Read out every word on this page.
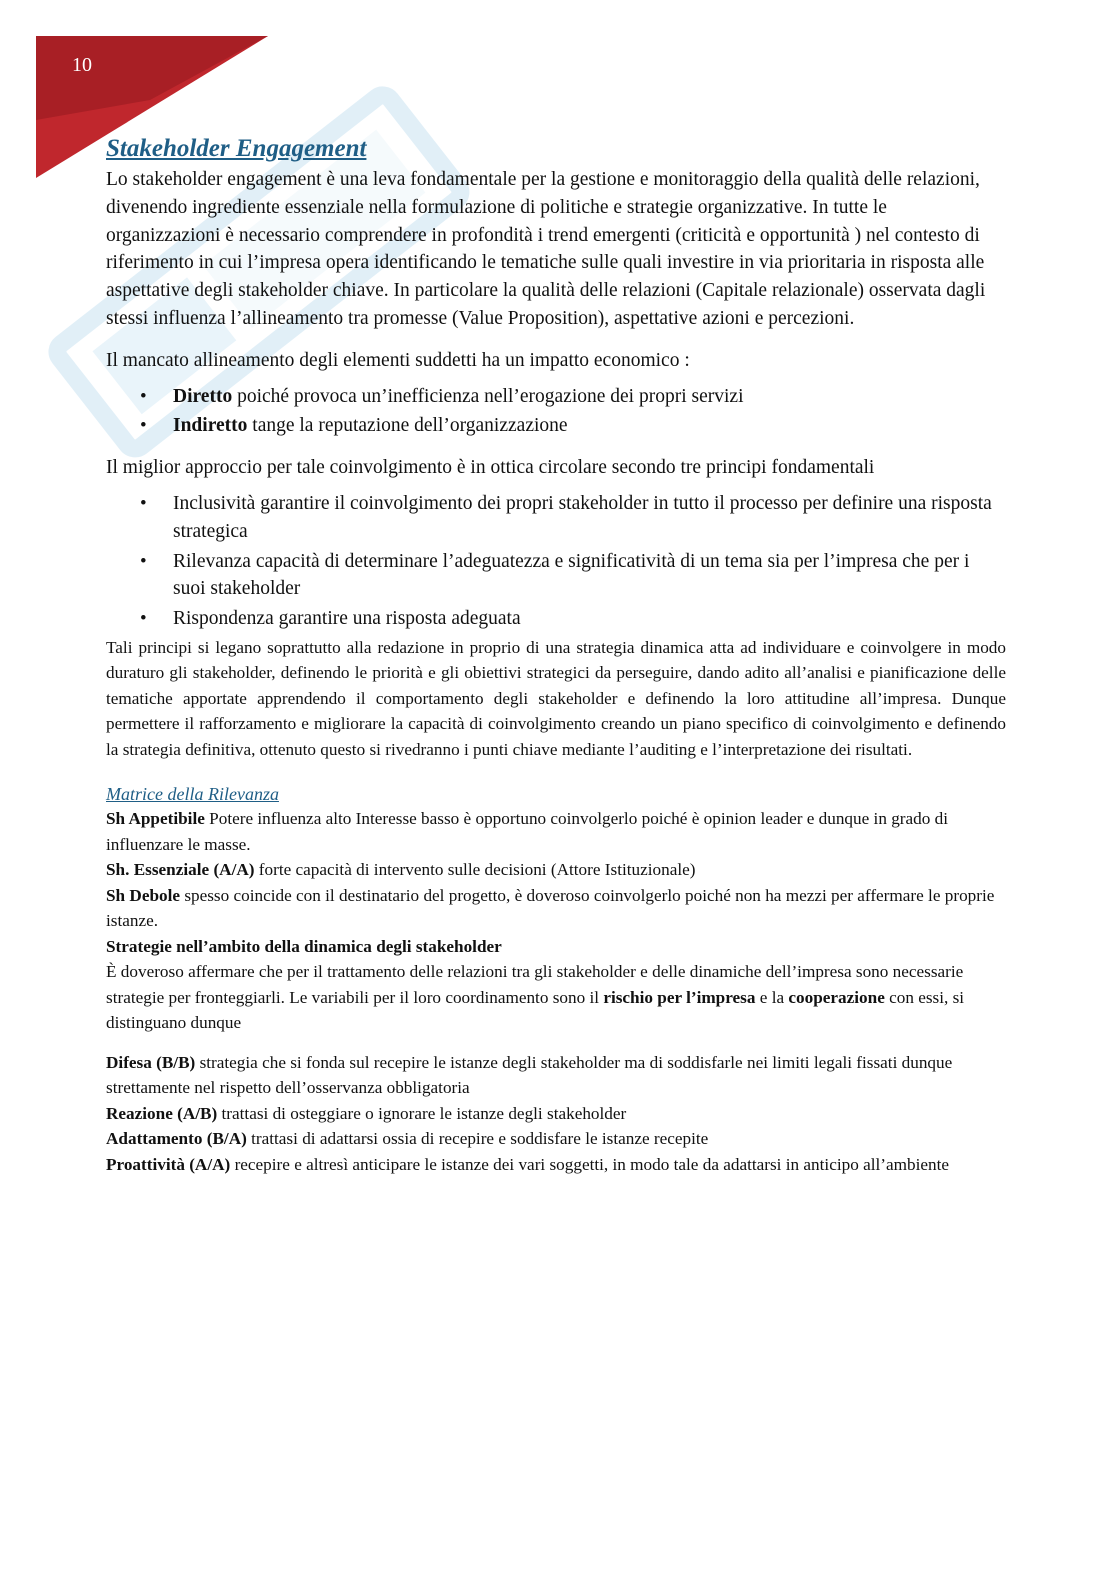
10
Stakeholder Engagement

Lo stakeholder engagement è una leva fondamentale per la gestione e monitoraggio della qualità delle relazioni, divenendo ingrediente essenziale nella formulazione di politiche e strategie organizzative. In tutte le organizzazioni è necessario comprendere in profondità i trend emergenti (criticità e opportunità ) nel contesto di riferimento in cui l’impresa opera identificando le tematiche sulle quali investire in via prioritaria in risposta alle aspettative degli stakeholder chiave. In particolare la qualità delle relazioni (Capitale relazionale) osservata dagli stessi influenza l’allineamento tra promesse (Value Proposition), aspettative azioni e percezioni.

Il mancato allineamento degli elementi suddetti ha un impatto economico :

• Diretto poiché provoca un’inefficienza nell’erogazione dei propri servizi
• Indiretto tange la reputazione dell’organizzazione

Il miglior approccio per tale coinvolgimento è in ottica circolare secondo tre principi fondamentali

• Inclusività garantire il coinvolgimento dei propri stakeholder in tutto il processo per definire una risposta strategica
• Rilevanza capacità di determinare l’adeguatezza e significatività di un tema sia per l’impresa che per i suoi stakeholder
• Rispondenza garantire una risposta adeguata

Tali principi si legano soprattutto alla redazione in proprio di una strategia dinamica atta ad individuare e coinvolgere in modo duraturo gli stakeholder, definendo le priorità e gli obiettivi strategici da perseguire, dando adito all’analisi e pianificazione delle tematiche apportate apprendendo il comportamento degli stakeholder e definendo la loro attitudine all’impresa. Dunque permettere il rafforzamento e migliorare la capacità di coinvolgimento creando un piano specifico di coinvolgimento e definendo la strategia definitiva, ottenuto questo si rivedranno i punti chiave mediante l’auditing e l’interpretazione dei risultati.

Matrice della Rilevanza

Sh Appetibile Potere influenza alto Interesse basso è opportuno coinvolgerlo poiché è opinion leader e dunque in grado di influenzare le masse.

Sh. Essenziale (A/A) forte capacità di intervento sulle decisioni (Attore Istituzionale)

Sh Debole spesso coincide con il destinatario del progetto, è doveroso coinvolgerlo poiché non ha mezzi per affermare le proprie istanze.

Strategie nell’ambito della dinamica degli stakeholder

È doveroso affermare che per il trattamento delle relazioni tra gli stakeholder e delle dinamiche dell’impresa sono necessarie strategie per fronteggiarli. Le variabili per il loro coordinamento sono il rischio per l’impresa e la cooperazione con essi, si distinguano dunque

Difesa (B/B) strategia che si fonda sul recepire le istanze degli stakeholder ma di soddisfarle nei limiti legali fissati dunque strettamente nel rispetto dell’osservanza obbligatoria

Reazione (A/B) trattasi di osteggiare o ignorare le istanze degli stakeholder

Adattamento (B/A) trattasi di adattarsi ossia di recepire e soddisfare le istanze recepite

Proattività (A/A) recepire e altresì anticipare le istanze dei vari soggetti, in modo tale da adattarsi in anticipo all’ambiente
